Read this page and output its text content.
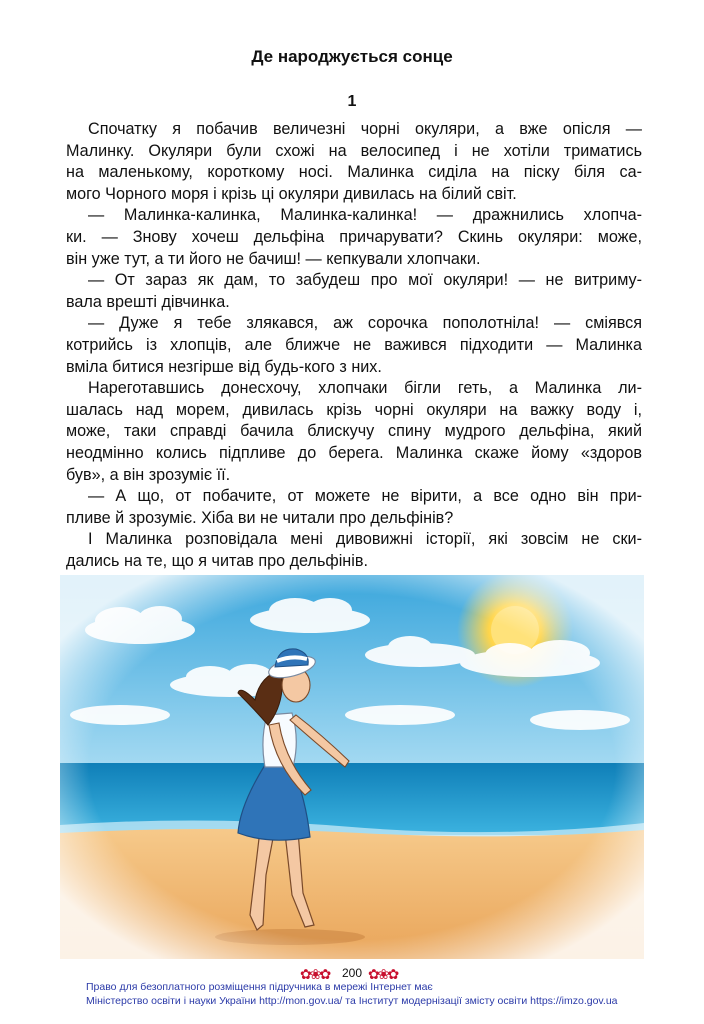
Де народжується сонце
1
Спочатку я побачив величезні чорні окуляри, а вже опісля —
Малинку. Окуляри були схожі на велосипед і не хотіли триматись
на маленькому, короткому носі. Малинка сиділа на піску біля са-
мого Чорного моря і крізь ці окуляри дивилась на білий світ.
— Малинка-калинка, Малинка-калинка! — дражнились хлопча-
ки. — Знову хочеш дельфіна причарувати? Скинь окуляри: може,
він уже тут, а ти його не бачиш! — кепкували хлопчаки.
— От зараз як дам, то забудеш про мої окуляри! — не витриму-
вала врешті дівчинка.
— Дуже я тебе злякався, аж сорочка пополотніла! — сміявся
котрийсь із хлопців, але ближче не важився підходити — Малинка
вміла битися незгірше від будь-кого з них.
Нареготавшись донесхочу, хлопчаки бігли геть, а Малинка ли-
шалась над морем, дивилась крізь чорні окуляри на важку воду і,
може, таки справді бачила блискучу спину мудрого дельфіна, який
неодмінно колись підпливе до берега. Малинка скаже йому «здоров
був», а він зрозуміє її.
— А що, от побачите, от можете не вірити, а все одно він при-
пливе й зрозуміє. Хіба ви не читали про дельфінів?
І Малинка розповідала мені дивовижні історії, які зовсім не ски-
дались на те, що я читав про дельфінів.
✿❀✿	200 ✿❀✿
Право для безоплатного розміщення підручника в мережі Інтернет має
Міністерство освіти і науки України http://mon.gov.ua/ та Інститут модернізації змісту освіти https://imzo.gov.ua
